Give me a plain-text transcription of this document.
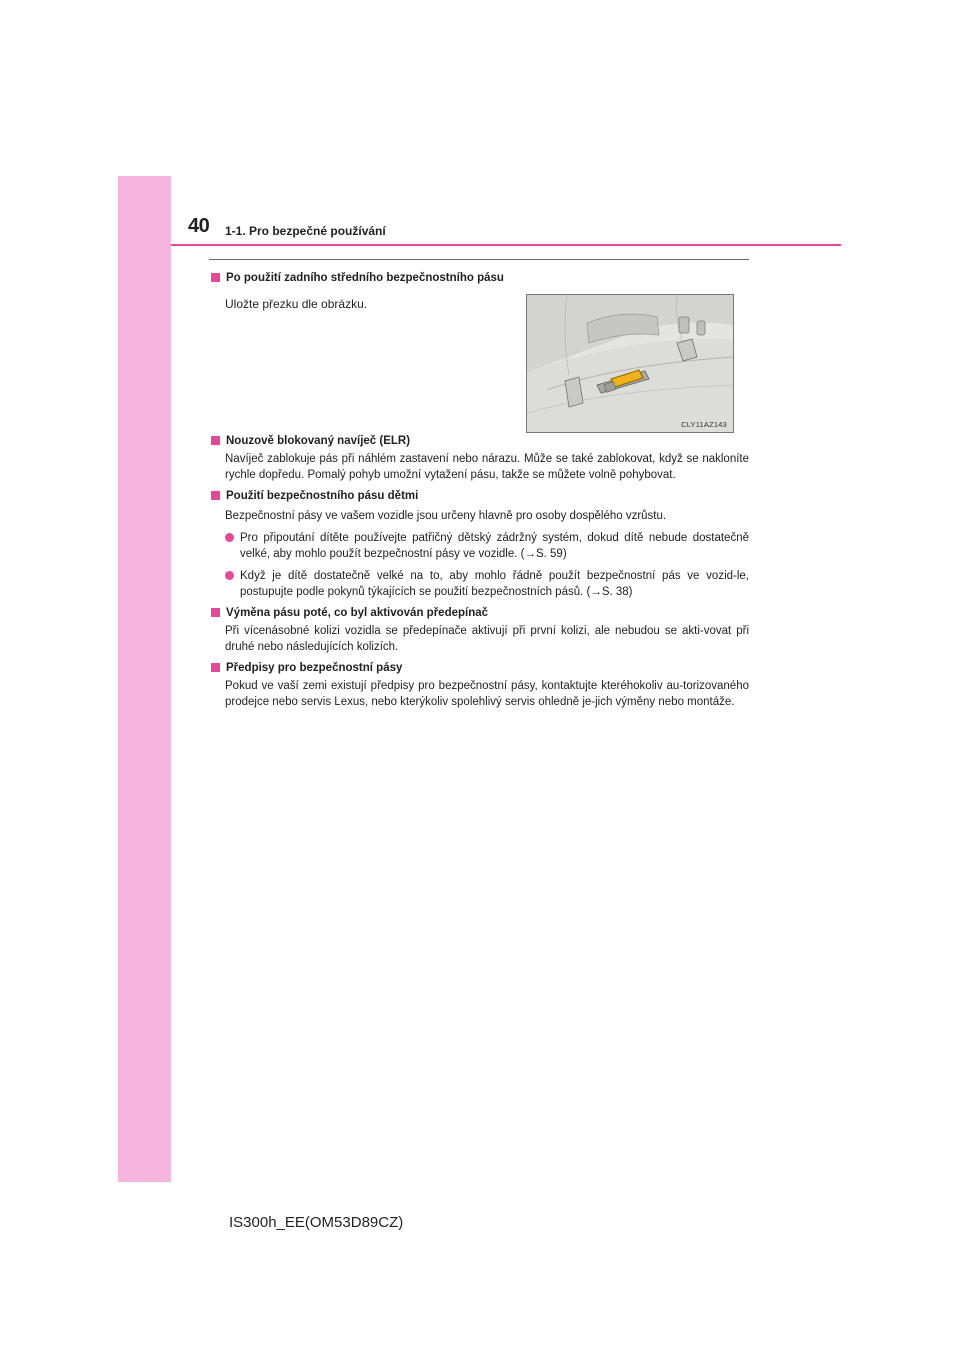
40 1-1. Pro bezpečné používání
Po použití zadního středního bezpečnostního pásu
Uložte přezku dle obrázku.
Nouzově blokovaný navíječ (ELR)
Navíječ zablokuje pás při náhlém zastavení nebo nárazu. Může se také zablokovat, když se nakloníte rychle dopředu. Pomalý pohyb umožní vytažení pásu, takže se můžete volně pohybovat.
Použití bezpečnostního pásu dětmi
Bezpečnostní pásy ve vašem vozidle jsou určeny hlavně pro osoby dospělého vzrůstu.
Pro připoutání dítěte používejte patřičný dětský zádržný systém, dokud dítě nebude dostatečně velké, aby mohlo použít bezpečnostní pásy ve vozidle. (→S. 59)
Když je dítě dostatečně velké na to, aby mohlo řádně použít bezpečnostní pás ve vozid-le, postupujte podle pokynů týkajících se použití bezpečnostních pásů. (→S. 38)
Výměna pásu poté, co byl aktivován předepínač
Při vícenásobné kolizi vozidla se předepínače aktivují při první kolizi, ale nebudou se akti-vovat při druhé nebo následujících kolizích.
Předpisy pro bezpečnostní pásy
Pokud ve vaší zemi existují předpisy pro bezpečnostní pásy, kontaktujte kteréhokoliv au-torizovaného prodejce nebo servis Lexus, nebo kterýkoliv spolehlivý servis ohledně je-jich výměny nebo montáže.
CLY11AZ143
IS300h_EE(OM53D89CZ)
